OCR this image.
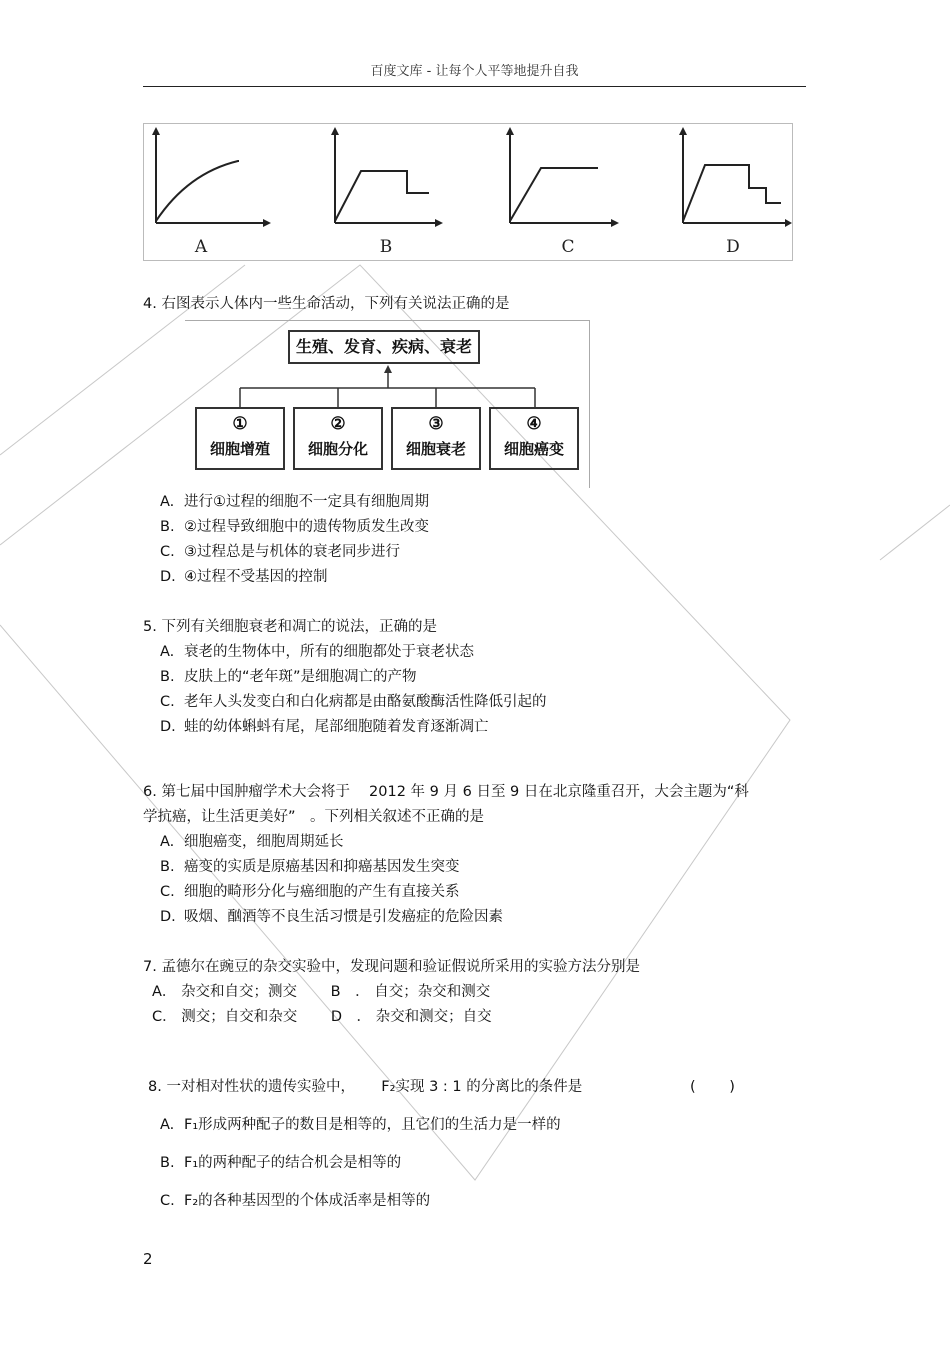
百度文库 - 让每个人平等地提升自我
A	B	C	D
4. 右图表示人体内一些生命活动，下列有关说法正确的是
生殖、发育、疾病、衰老
①
细胞增殖
②
细胞分化
③
细胞衰老
④
细胞癌变
A. 进行①过程的细胞不一定具有细胞周期
B. ②过程导致细胞中的遗传物质发生改变
C. ③过程总是与机体的衰老同步进行
D. ④过程不受基因的控制
5. 下列有关细胞衰老和凋亡的说法，正确的是
A. 衰老的生物体中，所有的细胞都处于衰老状态
B. 皮肤上的“老年斑”是细胞凋亡的产物
C. 老年人头发变白和白化病都是由酪氨酸酶活性降低引起的
D. 蛙的幼体蝌蚪有尾，尾部细胞随着发育逐渐凋亡
6. 第七届中国肿瘤学术大会将于　 2012 年 9 月 6 日至 9 日在北京隆重召开，大会主题为“科
学抗癌，让生活更美好”　。下列相关叙述不正确的是
A. 细胞癌变，细胞周期延长
B. 癌变的实质是原癌基因和抑癌基因发生突变
C. 细胞的畸形分化与癌细胞的产生有直接关系
D. 吸烟、酗酒等不良生活习惯是引发癌症的危险因素
7. 孟德尔在豌豆的杂交实验中，发现问题和验证假说所采用的实验方法分别是
A． 杂交和自交；测交　　 B　． 自交；杂交和测交
C． 测交；自交和杂交　　 D　． 杂交和测交；自交
8. 一对相对性状的遗传实验中，　　 F₂实现 3 : 1 的分离比的条件是	(　　 )
A. F₁形成两种配子的数目是相等的，且它们的生活力是一样的
B. F₁的两种配子的结合机会是相等的
C. F₂的各种基因型的个体成活率是相等的
2
